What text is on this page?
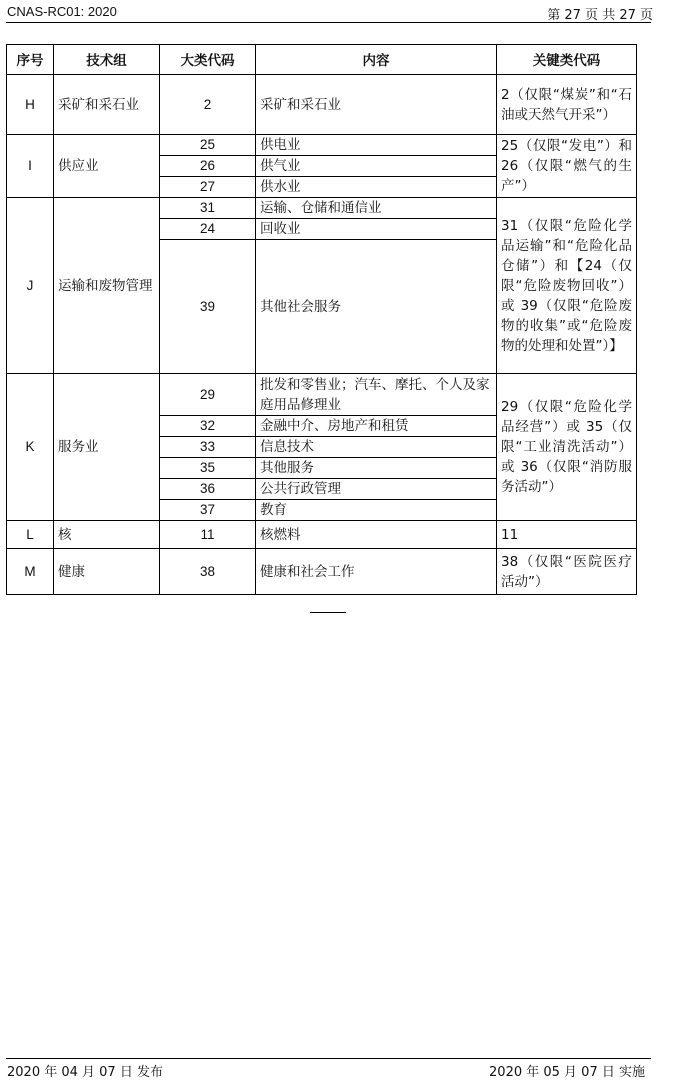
CNAS-RC01: 2020	第 27 页 共 27 页
序号	技术组	大类代码	内容	关键类代码
H	采矿和采石业	2	采矿和采石业	2（仅限“煤炭”和“石油或天然气开采”）
I	供应业	25	供电业	25（仅限“发电”）和 26（仅限“燃气的生产”）
		26	供气业	
		27	供水业	
J	运输和废物管理	31	运输、仓储和通信业	31（仅限“危险化学品运输”和“危险化品仓储”）和【24（仅限“危险废物回收”）或 39（仅限“危险废物的收集”或“危险废物的处理和处置”）】
		24	回收业	
		39	其他社会服务	
K	服务业	29	批发和零售业；汽车、摩托、个人及家庭用品修理业	29（仅限“危险化学品经营”）或 35（仅限“工业清洗活动”）或 36（仅限“消防服务活动”）
		32	金融中介、房地产和租赁	
		33	信息技术	
		35	其他服务	
		36	公共行政管理	
		37	教育	
L	核	11	核燃料	11
M	健康	38	健康和社会工作	38（仅限“医院医疗活动”）
2020 年 04 月 07 日 发布	2020 年 05 月 07 日 实施
